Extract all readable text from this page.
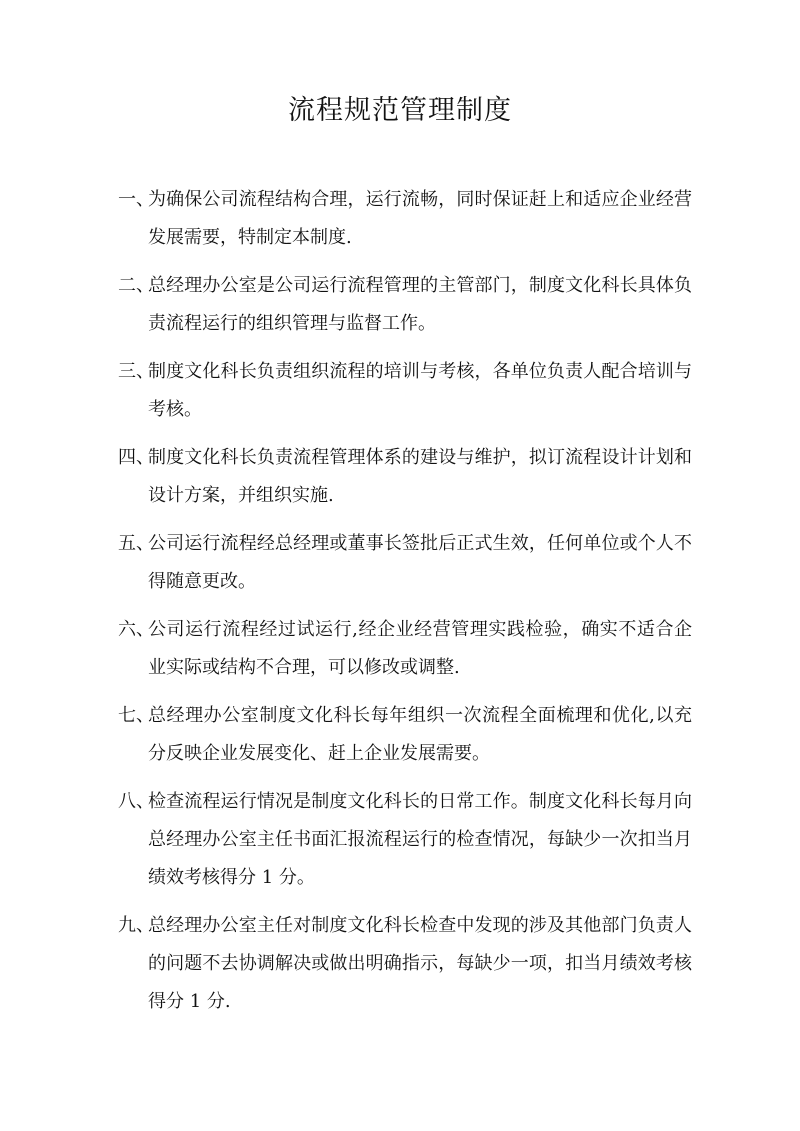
流程规范管理制度

一、
为确保公司流程结构合理，运行流畅，同时保证赶上和适应企业经营发展需要，特制定本制度.

二、
总经理办公室是公司运行流程管理的主管部门，制度文化科长具体负责流程运行的组织管理与监督工作。

三、
制度文化科长负责组织流程的培训与考核，各单位负责人配合培训与考核。

四、
制度文化科长负责流程管理体系的建设与维护，拟订流程设计计划和设计方案，并组织实施.

五、
公司运行流程经总经理或董事长签批后正式生效，任何单位或个人不得随意更改。

六、
公司运行流程经过试运行,经企业经营管理实践检验，确实不适合企业实际或结构不合理，可以修改或调整.

七、
总经理办公室制度文化科长每年组织一次流程全面梳理和优化,以充分反映企业发展变化、赶上企业发展需要。

八、
检查流程运行情况是制度文化科长的日常工作。制度文化科长每月向总经理办公室主任书面汇报流程运行的检查情况，每缺少一次扣当月绩效考核得分 1 分。

九、
总经理办公室主任对制度文化科长检查中发现的涉及其他部门负责人的问题不去协调解决或做出明确指示，每缺少一项，扣当月绩效考核得分 1 分.
